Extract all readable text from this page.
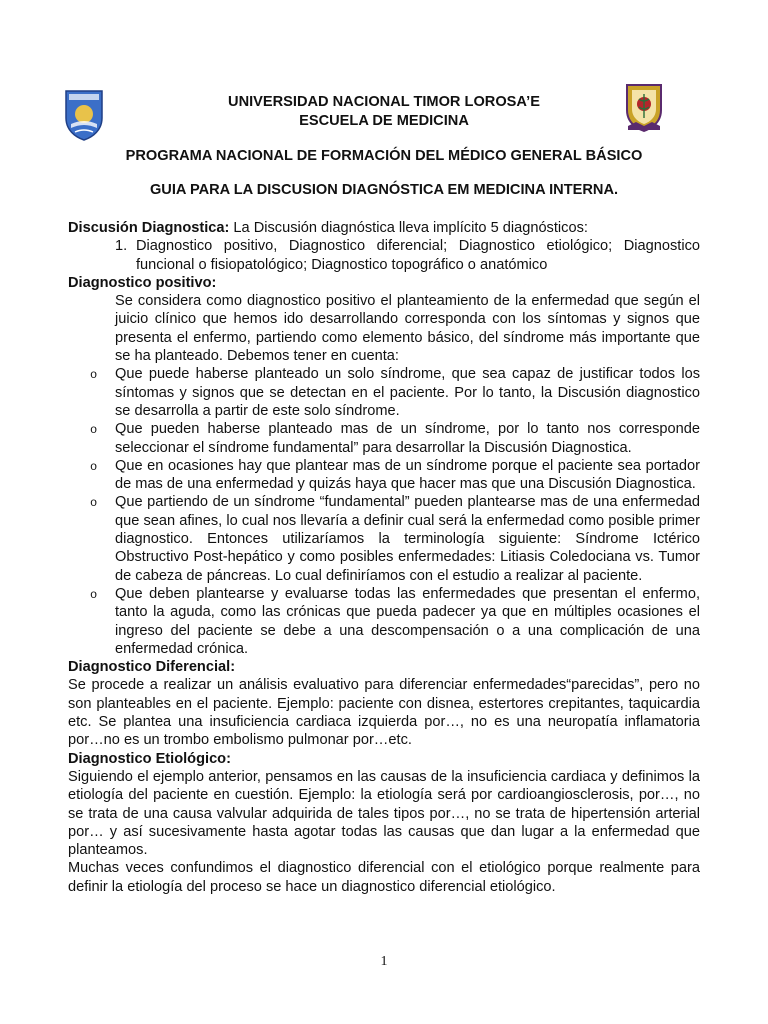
UNIVERSIDAD NACIONAL TIMOR LOROSA’E
ESCUELA DE MEDICINA
PROGRAMA NACIONAL DE FORMACIÓN DEL MÉDICO GENERAL BÁSICO
GUIA PARA LA DISCUSION DIAGNÓSTICA EM MEDICINA INTERNA.

Discusión Diagnostica: La Discusión diagnóstica lleva implícito 5 diagnósticos:

1. Diagnostico positivo, Diagnostico diferencial; Diagnostico etiológico; Diagnostico funcional o fisiopatológico; Diagnostico topográfico o anatómico
Diagnostico positivo:

Se considera como diagnostico positivo el planteamiento de la enfermedad que según el juicio clínico que hemos ido desarrollando corresponda con los síntomas y signos que presenta el enfermo, partiendo como elemento básico, del síndrome más importante que se ha planteado. Debemos tener en cuenta:

o Que puede haberse planteado un solo síndrome, que sea capaz de justificar todos los síntomas y signos que se detectan en el paciente. Por lo tanto, la Discusión diagnostico se desarrolla a partir de este solo síndrome.
o Que pueden haberse planteado mas de un síndrome, por lo tanto nos corresponde seleccionar el síndrome fundamental” para desarrollar la Discusión Diagnostica.
o Que en ocasiones hay que plantear mas de un síndrome porque el paciente sea portador de mas de una enfermedad y quizás haya que hacer mas que una Discusión Diagnostica.
o Que partiendo de un síndrome “fundamental” pueden plantearse mas de una enfermedad que sean afines, lo cual nos llevaría a definir cual será la enfermedad como posible primer diagnostico. Entonces utilizaríamos la terminología siguiente: Síndrome Ictérico Obstructivo Post-hepático y como posibles enfermedades: Litiasis Coledociana vs. Tumor de cabeza de páncreas. Lo cual definiríamos con el estudio a realizar al paciente.
o Que deben plantearse y evaluarse todas las enfermedades que presentan el enfermo, tanto la aguda, como las crónicas que pueda padecer ya que en múltiples ocasiones el ingreso del paciente se debe a una descompensación o a una complicación de una enfermedad crónica.
Diagnostico Diferencial:

Se procede a realizar un análisis evaluativo para diferenciar enfermedades“parecidas”, pero no son planteables en el paciente. Ejemplo: paciente con disnea, estertores crepitantes, taquicardia etc. Se plantea una insuficiencia cardiaca izquierda por…, no es una neuropatía inflamatoria por…no es un trombo embolismo pulmonar por…etc.

Diagnostico Etiológico:

Siguiendo el ejemplo anterior, pensamos en las causas de la insuficiencia cardiaca y definimos la etiología del paciente en cuestión. Ejemplo: la etiología será por cardioangiosclerosis, por…, no se trata de una causa valvular adquirida de tales tipos por…, no se trata de hipertensión arterial por… y así sucesivamente hasta agotar todas las causas que dan lugar a la enfermedad que planteamos.

Muchas veces confundimos el diagnostico diferencial con el etiológico porque realmente para definir la etiología del proceso se hace un diagnostico diferencial etiológico.

1
